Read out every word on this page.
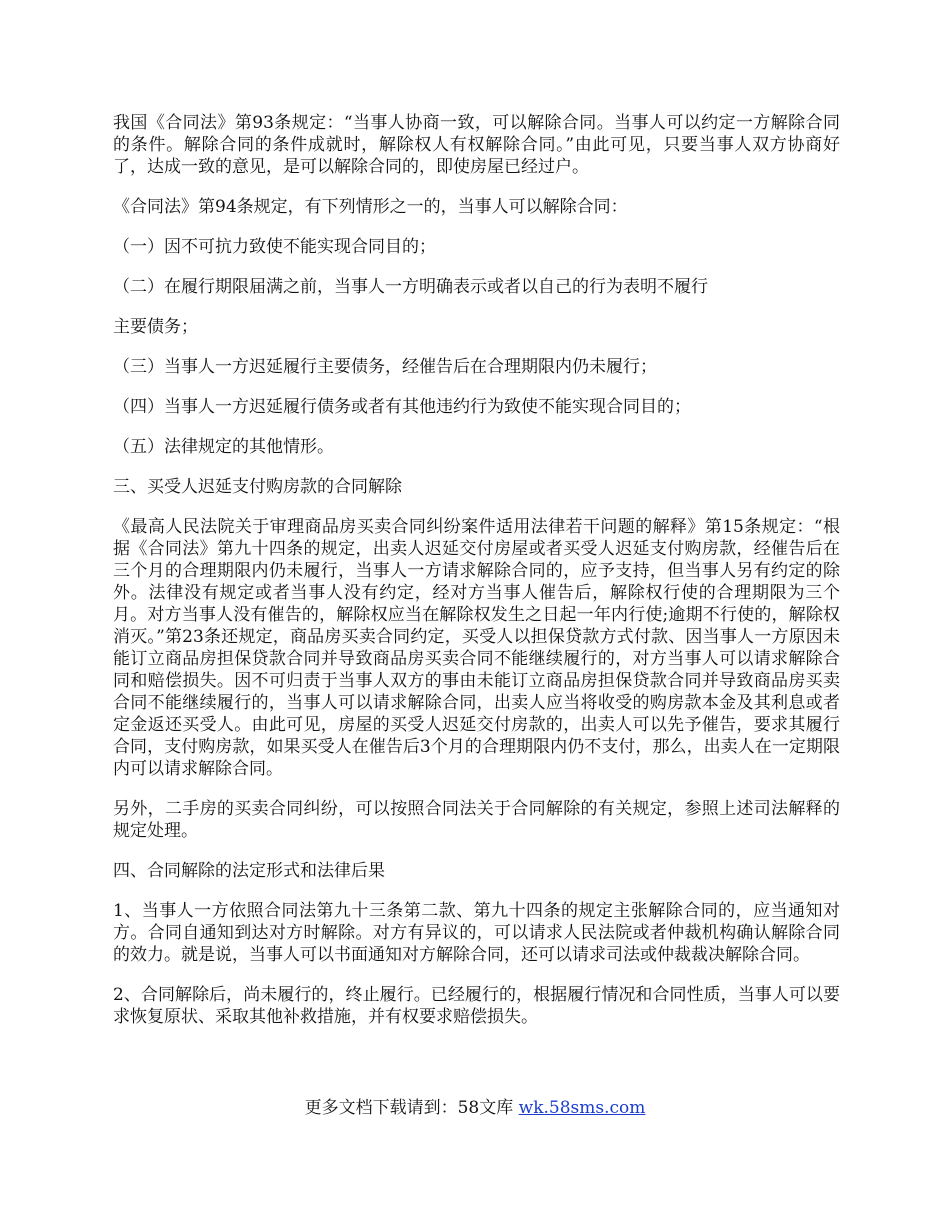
我国《合同法》第93条规定：“当事人协商一致，可以解除合同。当事人可以约定一方解除合同的条件。解除合同的条件成就时，解除权人有权解除合同。”由此可见，只要当事人双方协商好了，达成一致的意见，是可以解除合同的，即使房屋已经过户。

《合同法》第94条规定，有下列情形之一的，当事人可以解除合同：

（一）因不可抗力致使不能实现合同目的；

（二）在履行期限届满之前，当事人一方明确表示或者以自己的行为表明不履行

主要债务；

（三）当事人一方迟延履行主要债务，经催告后在合理期限内仍未履行；

（四）当事人一方迟延履行债务或者有其他违约行为致使不能实现合同目的；

（五）法律规定的其他情形。

三、买受人迟延支付购房款的合同解除

《最高人民法院关于审理商品房买卖合同纠纷案件适用法律若干问题的解释》第15条规定：“根据《合同法》第九十四条的规定，出卖人迟延交付房屋或者买受人迟延支付购房款，经催告后在三个月的合理期限内仍未履行，当事人一方请求解除合同的，应予支持，但当事人另有约定的除外。法律没有规定或者当事人没有约定，经对方当事人催告后，解除权行使的合理期限为三个月。对方当事人没有催告的，解除权应当在解除权发生之日起一年内行使;逾期不行使的，解除权消灭。”第23条还规定，商品房买卖合同约定，买受人以担保贷款方式付款、因当事人一方原因未能订立商品房担保贷款合同并导致商品房买卖合同不能继续履行的，对方当事人可以请求解除合同和赔偿损失。因不可归责于当事人双方的事由未能订立商品房担保贷款合同并导致商品房买卖合同不能继续履行的，当事人可以请求解除合同，出卖人应当将收受的购房款本金及其利息或者定金返还买受人。由此可见，房屋的买受人迟延交付房款的，出卖人可以先予催告，要求其履行合同，支付购房款，如果买受人在催告后3个月的合理期限内仍不支付，那么，出卖人在一定期限内可以请求解除合同。

另外，二手房的买卖合同纠纷，可以按照合同法关于合同解除的有关规定，参照上述司法解释的规定处理。

四、合同解除的法定形式和法律后果

1、当事人一方依照合同法第九十三条第二款、第九十四条的规定主张解除合同的，应当通知对方。合同自通知到达对方时解除。对方有异议的，可以请求人民法院或者仲裁机构确认解除合同的效力。就是说，当事人可以书面通知对方解除合同，还可以请求司法或仲裁裁决解除合同。

2、合同解除后，尚未履行的，终止履行。已经履行的，根据履行情况和合同性质，当事人可以要求恢复原状、采取其他补救措施，并有权要求赔偿损失。

更多文档下载请到：58文库 wk.58sms.com
